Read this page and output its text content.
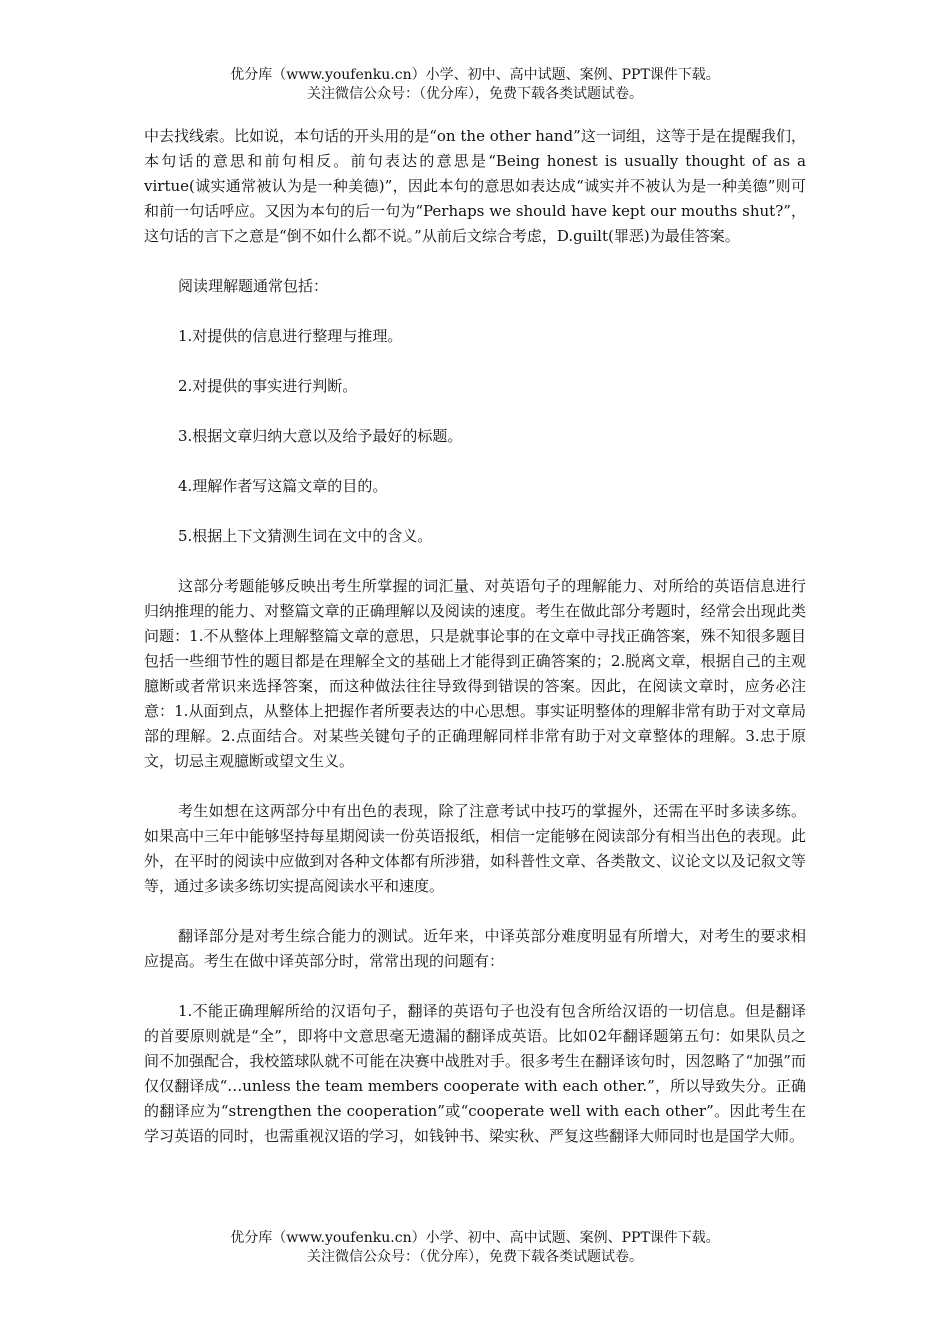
优分库（www.youfenku.cn）小学、初中、高中试题、案例、PPT课件下载。
关注微信公众号：（优分库），免费下载各类试题试卷。

中去找线索。比如说，本句话的开头用的是“on the other hand”这一词组，这等于是在提醒我们，本句话的意思和前句相反。前句表达的意思是“Being honest is usually thought of as a virtue(诚实通常被认为是一种美德)”，因此本句的意思如表达成“诚实并不被认为是一种美德”则可和前一句话呼应。又因为本句的后一句为“Perhaps we should have kept our mouths shut?”，这句话的言下之意是“倒不如什么都不说。”从前后文综合考虑，D.guilt(罪恶)为最佳答案。

阅读理解题通常包括：

1.对提供的信息进行整理与推理。

2.对提供的事实进行判断。

3.根据文章归纳大意以及给予最好的标题。

4.理解作者写这篇文章的目的。

5.根据上下文猜测生词在文中的含义。

这部分考题能够反映出考生所掌握的词汇量、对英语句子的理解能力、对所给的英语信息进行归纳推理的能力、对整篇文章的正确理解以及阅读的速度。考生在做此部分考题时，经常会出现此类问题：1.不从整体上理解整篇文章的意思，只是就事论事的在文章中寻找正确答案，殊不知很多题目包括一些细节性的题目都是在理解全文的基础上才能得到正确答案的；2.脱离文章，根据自己的主观臆断或者常识来选择答案，而这种做法往往导致得到错误的答案。因此，在阅读文章时，应务必注意：1.从面到点，从整体上把握作者所要表达的中心思想。事实证明整体的理解非常有助于对文章局部的理解。2.点面结合。对某些关键句子的正确理解同样非常有助于对文章整体的理解。3.忠于原文，切忌主观臆断或望文生义。

考生如想在这两部分中有出色的表现，除了注意考试中技巧的掌握外，还需在平时多读多练。如果高中三年中能够坚持每星期阅读一份英语报纸，相信一定能够在阅读部分有相当出色的表现。此外，在平时的阅读中应做到对各种文体都有所涉猎，如科普性文章、各类散文、议论文以及记叙文等等，通过多读多练切实提高阅读水平和速度。

翻译部分是对考生综合能力的测试。近年来，中译英部分难度明显有所增大，对考生的要求相应提高。考生在做中译英部分时，常常出现的问题有：

1.不能正确理解所给的汉语句子，翻译的英语句子也没有包含所给汉语的一切信息。但是翻译的首要原则就是“全”，即将中文意思毫无遗漏的翻译成英语。比如02年翻译题第五句：如果队员之间不加强配合，我校篮球队就不可能在决赛中战胜对手。很多考生在翻译该句时，因忽略了“加强”而仅仅翻译成“…unless the team members cooperate with each other.”，所以导致失分。正确的翻译应为“strengthen the cooperation”或“cooperate well with each other”。因此考生在学习英语的同时，也需重视汉语的学习，如钱钟书、梁实秋、严复这些翻译大师同时也是国学大师。

优分库（www.youfenku.cn）小学、初中、高中试题、案例、PPT课件下载。
关注微信公众号：（优分库），免费下载各类试题试卷。
